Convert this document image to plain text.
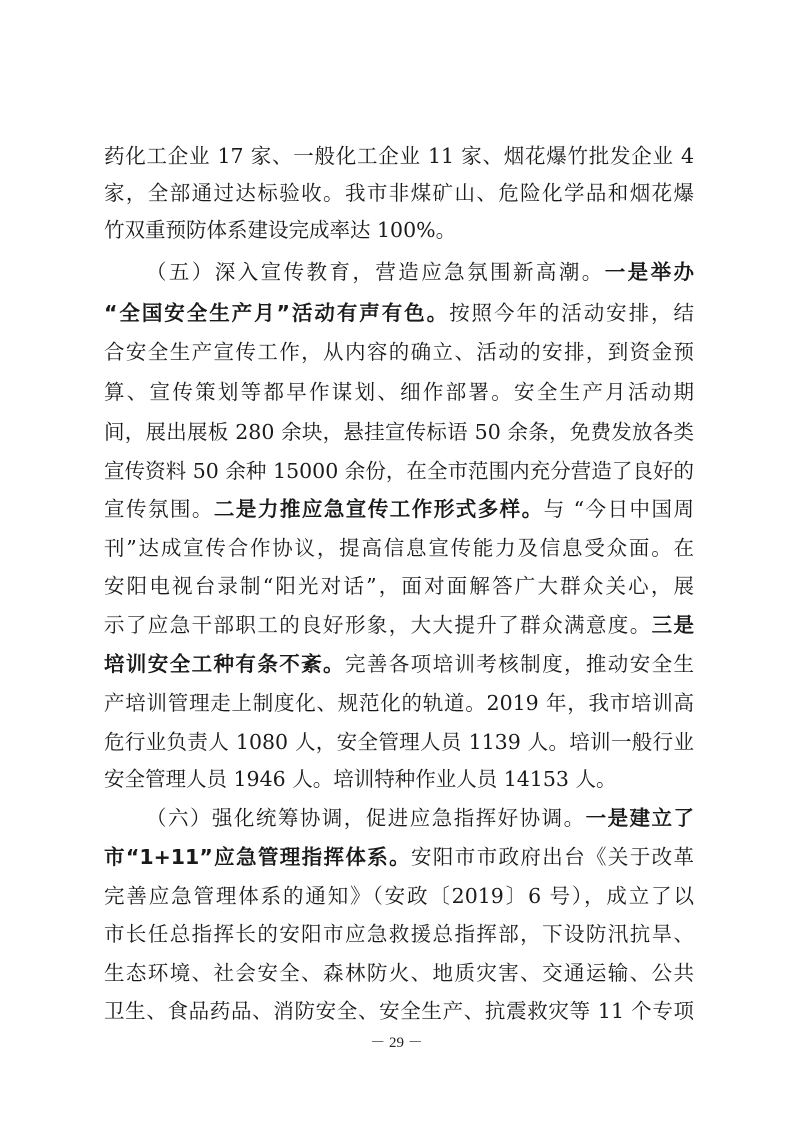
药化工企业 17 家、一般化工企业 11 家、烟花爆竹批发企业 4
家，全部通过达标验收。我市非煤矿山、危险化学品和烟花爆
竹双重预防体系建设完成率达 100%。
（五）深入宣传教育，营造应急氛围新高潮。一是举办
“全国安全生产月”活动有声有色。按照今年的活动安排，结
合安全生产宣传工作，从内容的确立、活动的安排，到资金预
算、宣传策划等都早作谋划、细作部署。安全生产月活动期
间，展出展板 280 余块，悬挂宣传标语 50 余条，免费发放各类
宣传资料 50 余种 15000 余份，在全市范围内充分营造了良好的
宣传氛围。二是力推应急宣传工作形式多样。与 “今日中国周
刊”达成宣传合作协议，提高信息宣传能力及信息受众面。在
安阳电视台录制“阳光对话”，面对面解答广大群众关心，展
示了应急干部职工的良好形象，大大提升了群众满意度。三是
培训安全工种有条不紊。完善各项培训考核制度，推动安全生
产培训管理走上制度化、规范化的轨道。2019 年，我市培训高
危行业负责人 1080 人，安全管理人员 1139 人。培训一般行业
安全管理人员 1946 人。培训特种作业人员 14153 人。
（六）强化统筹协调，促进应急指挥好协调。一是建立了
市“1+11”应急管理指挥体系。安阳市市政府出台《关于改革
完善应急管理体系的通知》（安政〔2019〕6 号），成立了以
市长任总指挥长的安阳市应急救援总指挥部，下设防汛抗旱、
生态环境、社会安全、森林防火、地质灾害、交通运输、公共
卫生、食品药品、消防安全、安全生产、抗震救灾等 11 个专项
－ 29 －
